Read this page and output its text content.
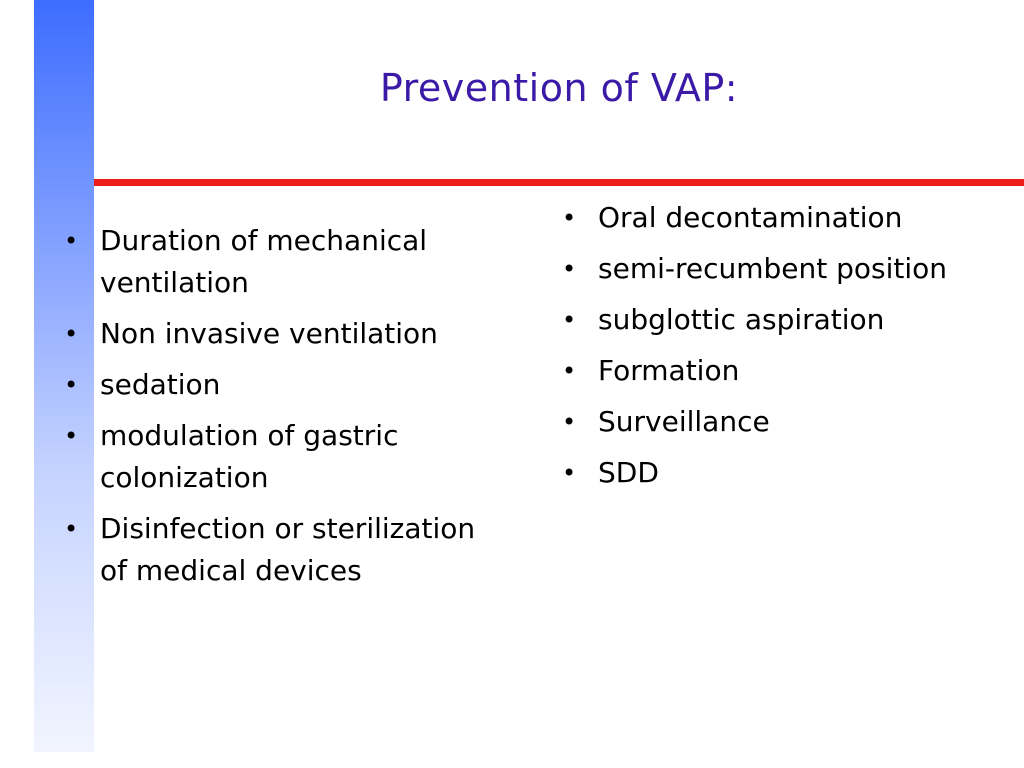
Prevention of VAP:
• Duration of mechanical ventilation
• Non invasive ventilation
• sedation
• modulation of gastric colonization
• Disinfection or sterilization of medical devices
• Oral decontamination
• semi-recumbent position
• subglottic aspiration
• Formation
• Surveillance
• SDD
